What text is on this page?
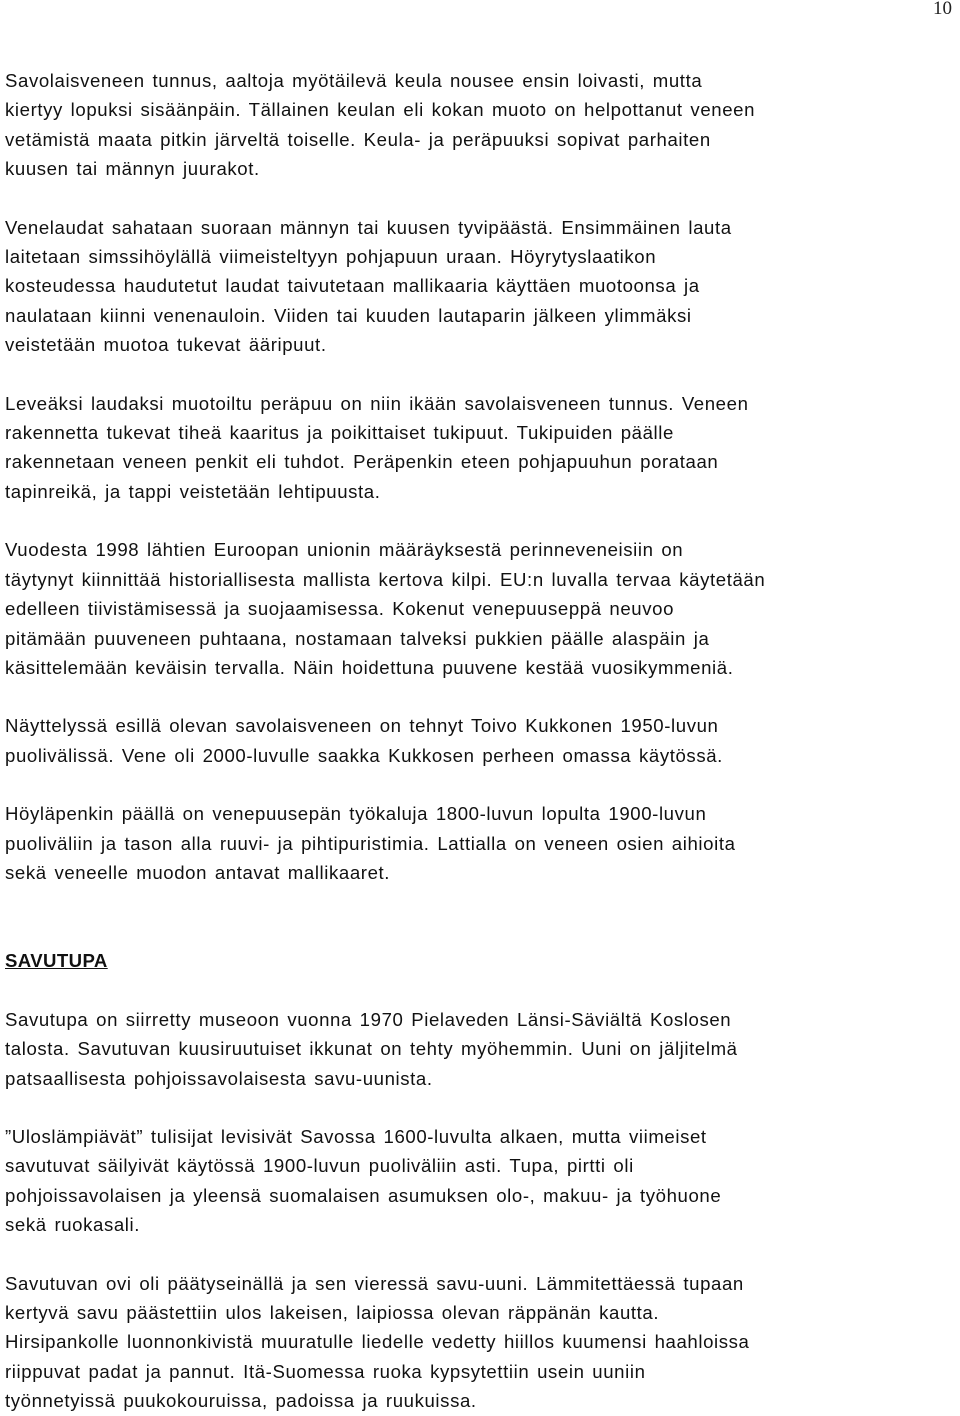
10

Savolaisveneen tunnus, aaltoja myötäilevä keula nousee ensin loivasti, mutta
kiertyy lopuksi sisäänpäin. Tällainen keulan eli kokan muoto on helpottanut veneen
vetämistä maata pitkin järveltä toiselle. Keula- ja peräpuuksi sopivat parhaiten
kuusen tai männyn juurakot.

Venelaudat sahataan suoraan männyn tai kuusen tyvipäästä. Ensimmäinen lauta
laitetaan simssihöylällä viimeisteltyyn pohjapuun uraan. Höyrytyslaatikon
kosteudessa haudutetut laudat taivutetaan mallikaaria käyttäen muotoonsa ja
naulataan kiinni venenauloin. Viiden tai kuuden lautaparin jälkeen ylimmäksi
veistetään muotoa tukevat ääripuut.

Leveäksi laudaksi muotoiltu peräpuu on niin ikään savolaisveneen tunnus. Veneen
rakennetta tukevat tiheä kaaritus ja poikittaiset tukipuut. Tukipuiden päälle
rakennetaan veneen penkit eli tuhdot. Peräpenkin eteen pohjapuuhun porataan
tapinreikä, ja tappi veistetään lehtipuusta.

Vuodesta 1998 lähtien Euroopan unionin määräyksestä perinneveneisiin on
täytynyt kiinnittää historiallisesta mallista kertova kilpi. EU:n luvalla tervaa käytetään
edelleen tiivistämisessä ja suojaamisessa. Kokenut venepuuseppä neuvoo
pitämään puuveneen puhtaana, nostamaan talveksi pukkien päälle alaspäin ja
käsittelemään keväisin tervalla. Näin hoidettuna puuvene kestää vuosikymmeniä.

Näyttelyssä esillä olevan savolaisveneen on tehnyt Toivo Kukkonen 1950-luvun
puolivälissä. Vene oli 2000-luvulle saakka Kukkosen perheen omassa käytössä.

Höyläpenkin päällä on venepuusepän työkaluja 1800-luvun lopulta 1900-luvun
puoliväliin ja tason alla ruuvi- ja pihtipuristimia. Lattialla on veneen osien aihioita
sekä veneelle muodon antavat mallikaaret.

SAVUTUPA

Savutupa on siirretty museoon vuonna 1970 Pielaveden Länsi-Säviältä Koslosen
talosta. Savutuvan kuusiruutuiset ikkunat on tehty myöhemmin. Uuni on jäljitelmä
patsaallisesta pohjoissavolaisesta savu-uunista.

”Uloslämpiävät” tulisijat levisivät Savossa 1600-luvulta alkaen, mutta viimeiset
savutuvat säilyivät käytössä 1900-luvun puoliväliin asti. Tupa, pirtti oli
pohjoissavolaisen ja yleensä suomalaisen asumuksen olo-, makuu- ja työhuone
sekä ruokasali.

Savutuvan ovi oli päätyseinällä ja sen vieressä savu-uuni. Lämmitettäessä tupaan
kertyvä savu päästettiin ulos lakeisen, laipiossa olevan räppänän kautta.
Hirsipankolle luonnonkivistä muuratulle liedelle vedetty hiillos kuumensi haahloissa
riippuvat padat ja pannut. Itä-Suomessa ruoka kypsytettiin usein uuniin
työnnetyissä puukokouruissa, padoissa ja ruukuissa.
